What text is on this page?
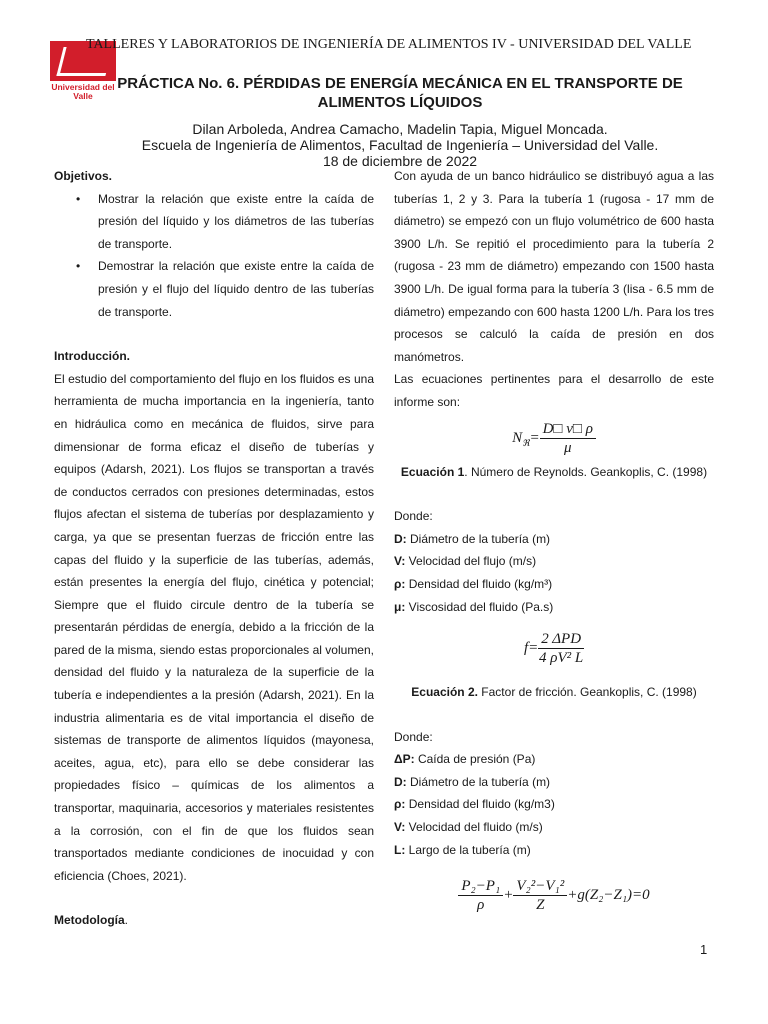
Universidad del Valle
TALLERES Y LABORATORIOS DE INGENIERÍA DE ALIMENTOS IV - UNIVERSIDAD DEL VALLE
PRÁCTICA No. 6. PÉRDIDAS DE ENERGÍA MECÁNICA EN EL TRANSPORTE DE
ALIMENTOS LÍQUIDOS
Dilan Arboleda, Andrea Camacho, Madelin Tapia, Miguel Moncada.
Escuela de Ingeniería de Alimentos, Facultad de Ingeniería – Universidad del Valle.
18 de diciembre de 2022

Objetivos.

• Mostrar la relación que existe entre la caída de presión del líquido y los diámetros de las tuberías de transporte.
• Demostrar la relación que existe entre la caída de presión y el flujo del líquido dentro de las tuberías de transporte.

Introducción.

El estudio del comportamiento del flujo en los fluidos es una herramienta de mucha importancia en la ingeniería, tanto en hidráulica como en mecánica de fluidos, sirve para dimensionar de forma eficaz el diseño de tuberías y equipos (Adarsh, 2021). Los flujos se transportan a través de conductos cerrados con presiones determinadas, estos flujos afectan el sistema de tuberías por desplazamiento y carga, ya que se presentan fuerzas de fricción entre las capas del fluido y la superficie de las tuberías, además, están presentes la energía del flujo, cinética y potencial; Siempre que el fluido circule dentro de la tubería se presentarán pérdidas de energía, debido a la fricción de la pared de la misma, siendo estas proporcionales al volumen, densidad del fluido y la naturaleza de la superficie de la tubería e independientes a la presión (Adarsh, 2021). En la industria alimentaria es de vital importancia el diseño de sistemas de transporte de alimentos líquidos (mayonesa, aceites, agua, etc), para ello se debe considerar las propiedades físico – químicas de los alimentos a transportar, maquinaria, accesorios y materiales resistentes a la corrosión, con el fin de que los fluidos sean transportados mediante condiciones de inocuidad y con eficiencia (Choes, 2021).

Metodología.

Con ayuda de un banco hidráulico se distribuyó agua a las tuberías 1, 2 y 3. Para la tubería 1 (rugosa - 17 mm de diámetro) se empezó con un flujo volumétrico de 600 hasta 3900 L/h. Se repitió el procedimiento para la tubería 2 (rugosa - 23 mm de diámetro) empezando con 1500 hasta 3900 L/h. De igual forma para la tubería 3 (lisa - 6.5 mm de diámetro) empezando con 600 hasta 1200 L/h. Para los tres procesos se calculó la caída de presión en dos manómetros.

Las ecuaciones pertinentes para el desarrollo de este informe son:

$N_ℜ= \frac{D□ v□ \rho}{\mu}$

Ecuación 1. Número de Reynolds. Geankoplis, C. (1998)

Donde:

D: Diámetro de la tubería (m)

V: Velocidad del flujo (m/s)

ρ: Densidad del fluido (kg/m³)

μ: Viscosidad del fluido (Pa.s)

$f= \frac{\text{2 ΔPD}}{\text{4 ρV² L}}$

Ecuación 2. Factor de fricción. Geankoplis, C. (1998)

Donde:

ΔP: Caída de presión (Pa)

D: Diámetro de la tubería (m)

ρ: Densidad del fluido (kg/m3)

V: Velocidad del fluido (m/s)

L: Largo de la tubería (m)

$\frac{\text{P₂−P₁}}{\rho} + \frac{\text{V₂²−V₁²}}{Z} +g(Z_2-Z_1)=0$
1
